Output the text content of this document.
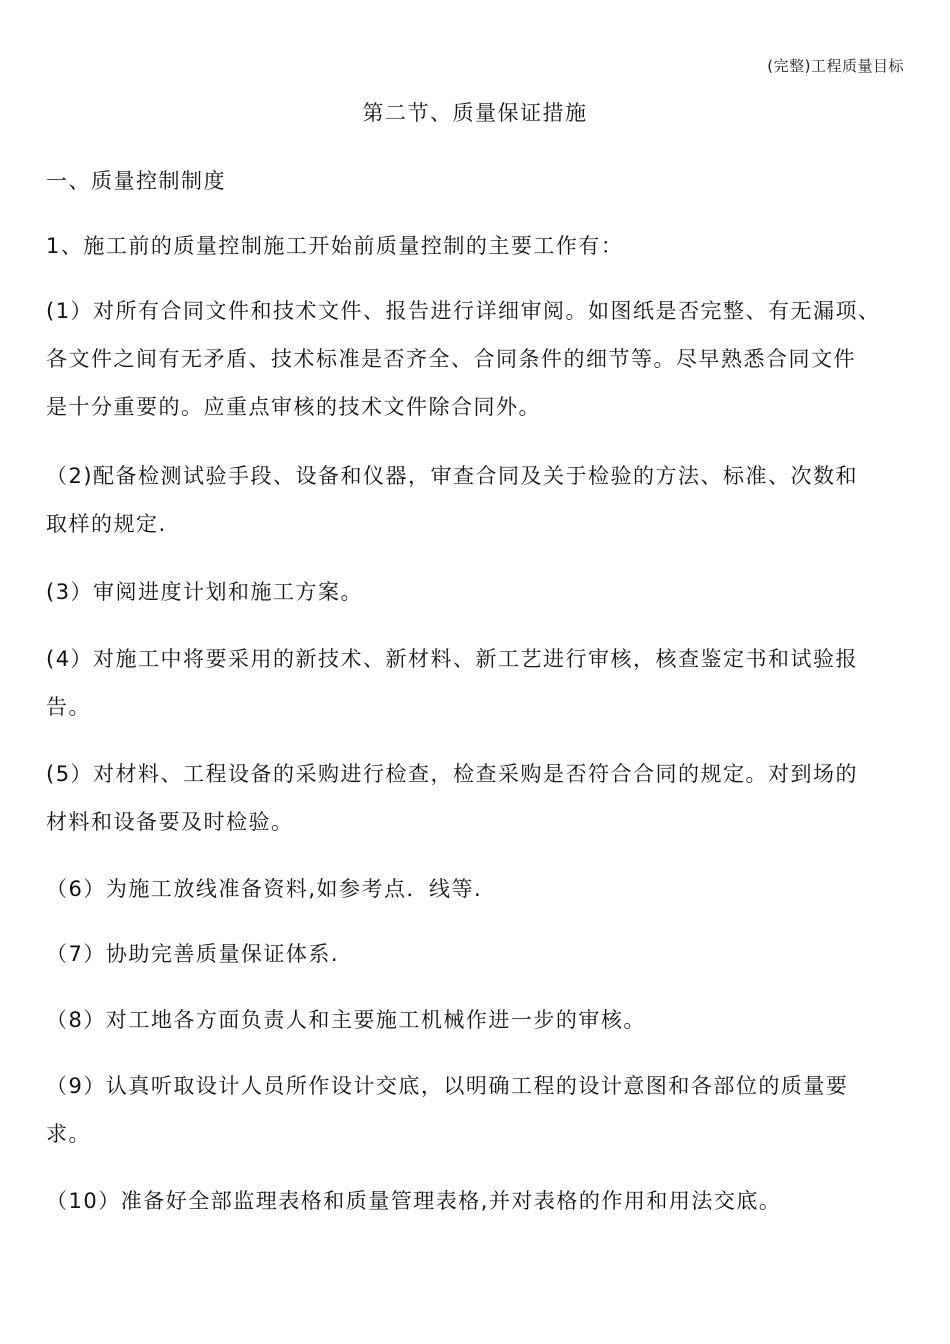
(完整)工程质量目标
第二节、质量保证措施
一、质量控制制度
1、施工前的质量控制施工开始前质量控制的主要工作有：
(1）对所有合同文件和技术文件、报告进行详细审阅。如图纸是否完整、有无漏项、
各文件之间有无矛盾、技术标准是否齐全、合同条件的细节等。尽早熟悉合同文件
是十分重要的。应重点审核的技术文件除合同外。
（2)配备检测试验手段、设备和仪器，审查合同及关于检验的方法、标准、次数和
取样的规定.
(3）审阅进度计划和施工方案。
(4）对施工中将要采用的新技术、新材料、新工艺进行审核，核查鉴定书和试验报
告。
(5）对材料、工程设备的采购进行检查，检查采购是否符合合同的规定。对到场的
材料和设备要及时检验。
（6）为施工放线准备资料,如参考点．线等.
（7）协助完善质量保证体系.
（8）对工地各方面负责人和主要施工机械作进一步的审核。
（9）认真听取设计人员所作设计交底，以明确工程的设计意图和各部位的质量要
求。
（10）准备好全部监理表格和质量管理表格,并对表格的作用和用法交底。
